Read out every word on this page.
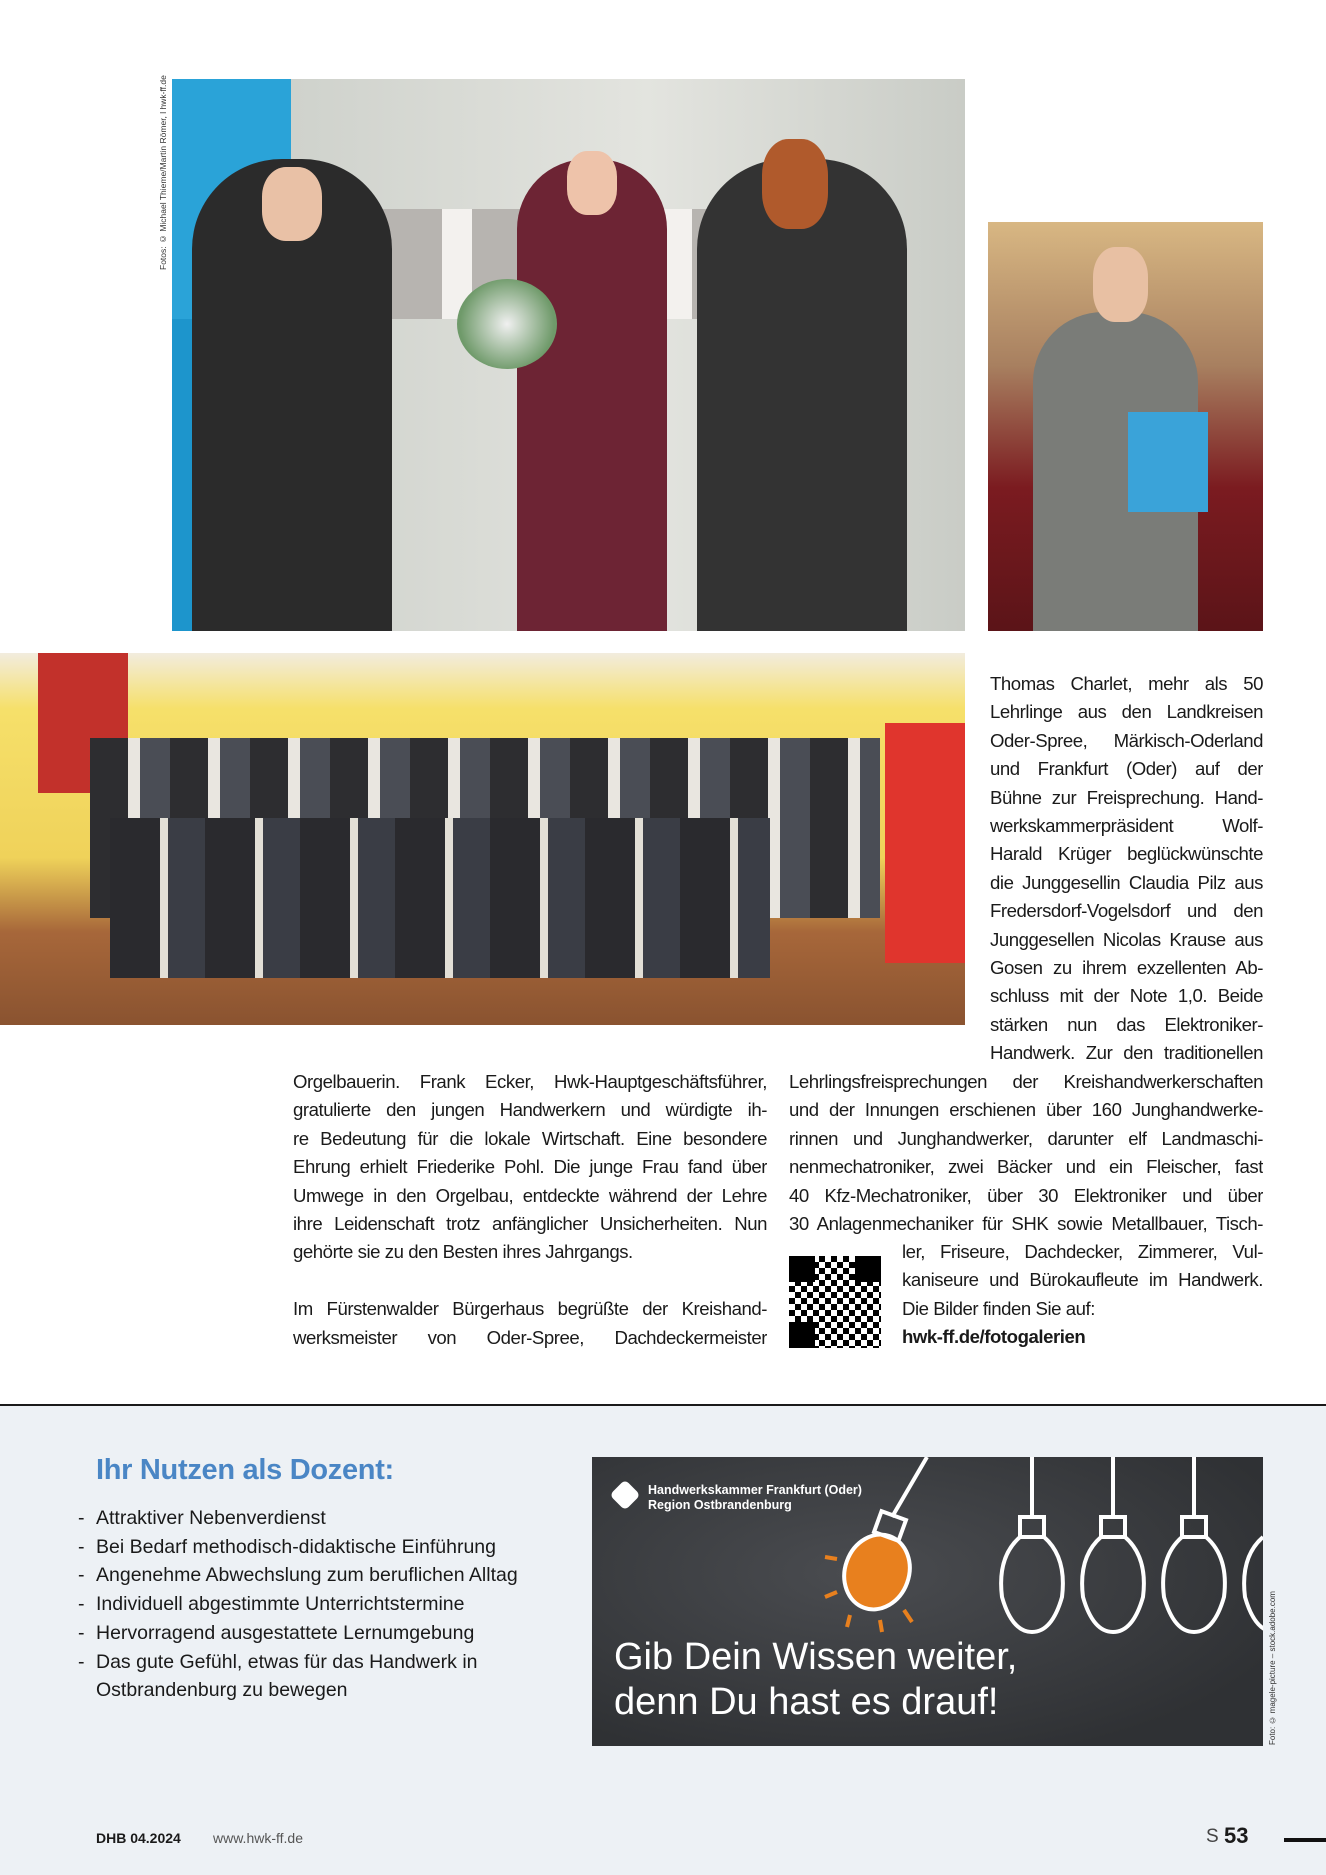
Fotos: © Michael Thieme/Martin Römer, l hwk-ff.de
Thomas Charlet, mehr als 50
Lehrlinge aus den Landkreisen
Oder-Spree, Märkisch-Oderland
und Frankfurt (Oder) auf der
Bühne zur Freisprechung. Hand-
werkskammerpräsident Wolf-
Harald Krüger beglückwünschte
die Junggesellin Claudia Pilz aus
Fredersdorf-Vogelsdorf und den
Junggesellen Nicolas Krause aus
Gosen zu ihrem exzellenten Ab-
schluss mit der Note 1,0. Beide
stärken nun das Elektroniker-
Handwerk. Zur den traditionellen
Orgelbauerin. Frank Ecker, Hwk-Hauptgeschäftsführer,
gratulierte den jungen Handwerkern und würdigte ih-
re Bedeutung für die lokale Wirtschaft. Eine besondere
Ehrung erhielt Friederike Pohl. Die junge Frau fand über
Umwege in den Orgelbau, entdeckte während der Lehre
ihre Leidenschaft trotz anfänglicher Unsicherheiten. Nun
gehörte sie zu den Besten ihres Jahrgangs.
Im Fürstenwalder Bürgerhaus begrüßte der Kreishand-
werksmeister von Oder-Spree, Dachdeckermeister
Lehrlingsfreisprechungen der Kreishandwerkerschaften
und der Innungen erschienen über 160 Junghandwerke-
rinnen und Junghandwerker, darunter elf Landmaschi-
nenmechatroniker, zwei Bäcker und ein Fleischer, fast
40 Kfz-Mechatroniker, über 30 Elektroniker und über
30 Anlagenmechaniker für SHK sowie Metallbauer, Tisch-
ler, Friseure, Dachdecker, Zimmerer, Vul-
kaniseure und Bürokaufleute im Handwerk.
Die Bilder finden Sie auf:
hwk-ff.de/fotogalerien
Ihr Nutzen als Dozent:
- Attraktiver Nebenverdienst
- Bei Bedarf methodisch-didaktische Einführung
- Angenehme Abwechslung zum beruflichen Alltag
- Individuell abgestimmte Unterrichtstermine
- Hervorragend ausgestattete Lernumgebung
- Das gute Gefühl, etwas für das Handwerk in
Ostbrandenburg zu bewegen
Handwerkskammer Frankfurt (Oder)
Region Ostbrandenburg
Gib Dein Wissen weiter,
denn Du hast es drauf!	Foto: © magele-picture – stock.adobe.com
DHB 04.2024 www.hwk-ff.de	S 53
